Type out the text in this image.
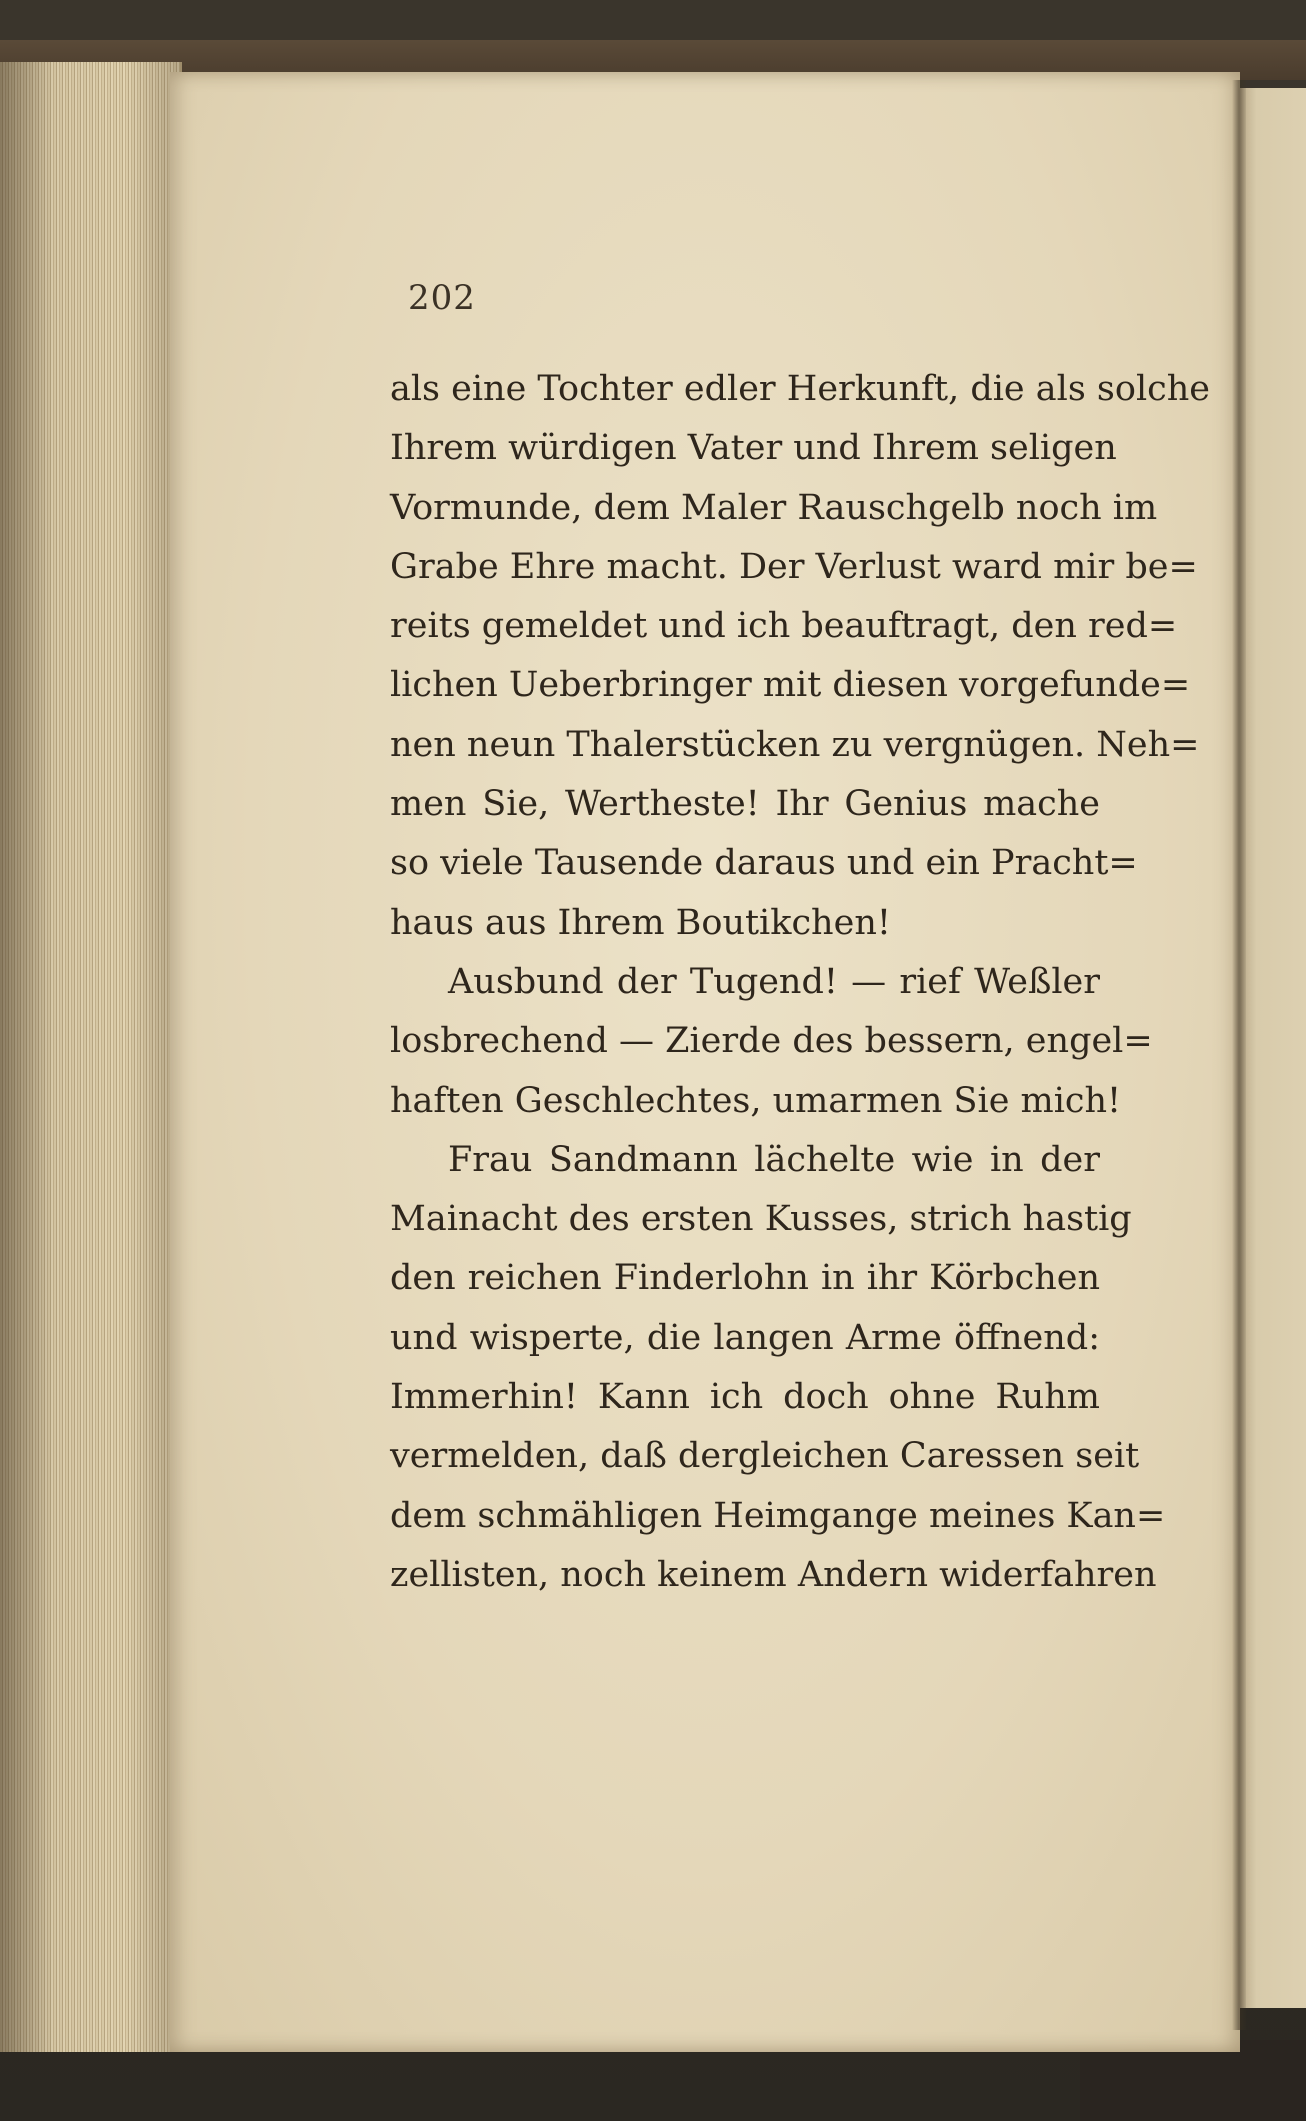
202
als eine Tochter edler Herkunft, die als solche
Ihrem würdigen Vater und Ihrem seligen
Vormunde, dem Maler Rauschgelb noch im
Grabe Ehre macht. Der Verlust ward mir be=
reits gemeldet und ich beauftragt, den red=
lichen Ueberbringer mit diesen vorgefunde=
nen neun Thalerstücken zu vergnügen. Neh=
men Sie, Wertheste! Ihr Genius mache
so viele Tausende daraus und ein Pracht=
haus aus Ihrem Boutikchen!
Ausbund der Tugend! — rief Weßler
losbrechend — Zierde des bessern, engel=
haften Geschlechtes, umarmen Sie mich!
Frau Sandmann lächelte wie in der
Mainacht des ersten Kusses, strich hastig
den reichen Finderlohn in ihr Körbchen
und wisperte, die langen Arme öffnend:
Immerhin! Kann ich doch ohne Ruhm
vermelden, daß dergleichen Caressen seit
dem schmähligen Heimgange meines Kan=
zellisten, noch keinem Andern widerfahren
